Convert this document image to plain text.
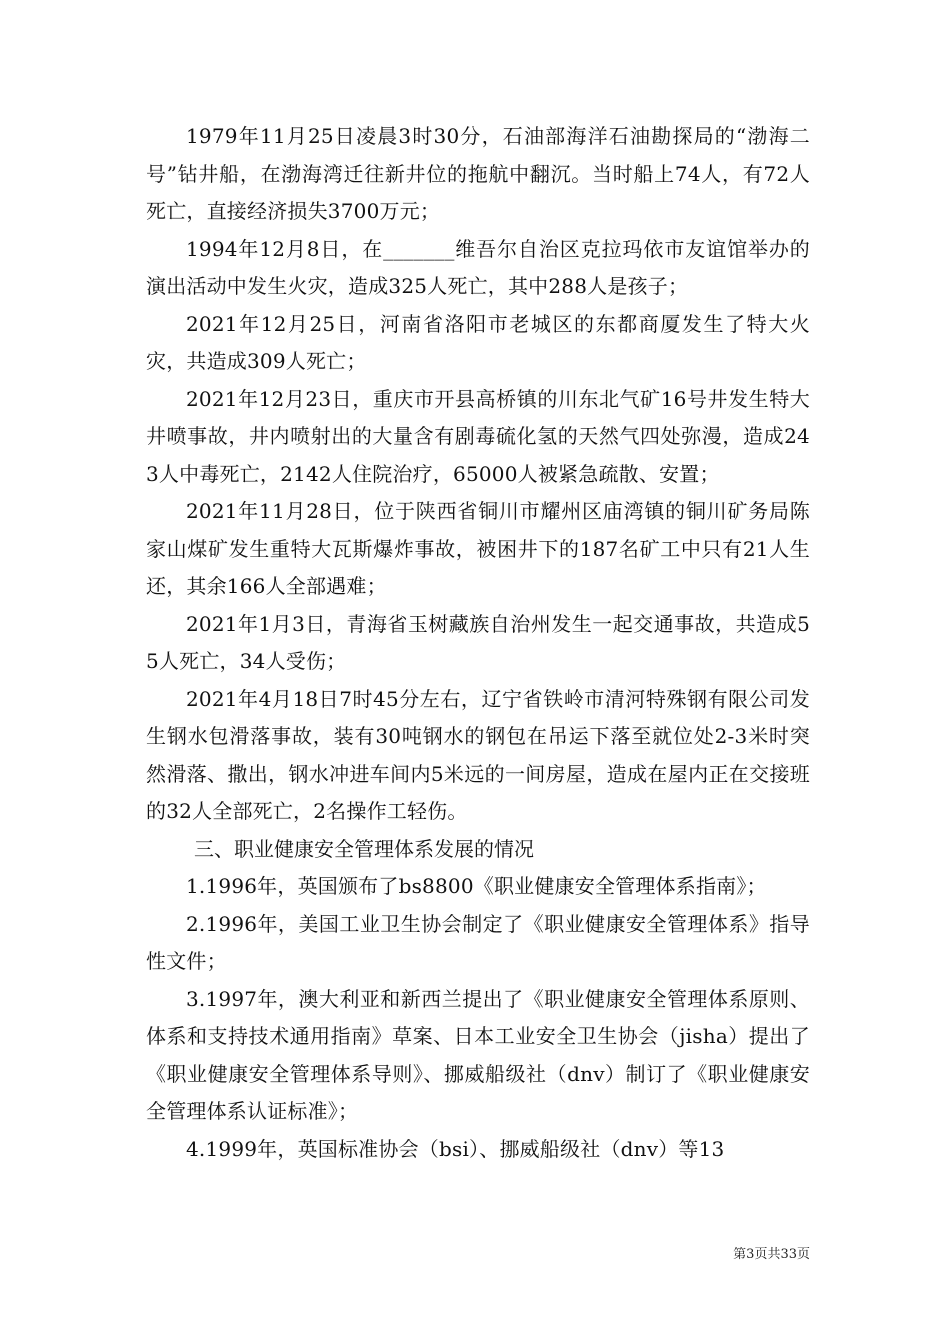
1979年11月25日凌晨3时30分，石油部海洋石油勘探局的“渤海二号”钻井船，在渤海湾迁往新井位的拖航中翻沉。当时船上74人，有72人死亡，直接经济损失3700万元；

1994年12月8日，在_______维吾尔自治区克拉玛依市友谊馆举办的演出活动中发生火灾，造成325人死亡，其中288人是孩子；

2021年12月25日，河南省洛阳市老城区的东都商厦发生了特大火灾，共造成309人死亡；

2021年12月23日，重庆市开县高桥镇的川东北气矿16号井发生特大井喷事故，井内喷射出的大量含有剧毒硫化氢的天然气四处弥漫，造成243人中毒死亡，2142人住院治疗，65000人被紧急疏散、安置；

2021年11月28日，位于陕西省铜川市耀州区庙湾镇的铜川矿务局陈家山煤矿发生重特大瓦斯爆炸事故，被困井下的187名矿工中只有21人生还，其余166人全部遇难；

2021年1月3日，青海省玉树藏族自治州发生一起交通事故，共造成55人死亡，34人受伤；

2021年4月18日7时45分左右，辽宁省铁岭市清河特殊钢有限公司发生钢水包滑落事故，装有30吨钢水的钢包在吊运下落至就位处2-3米时突然滑落、撒出，钢水冲进车间内5米远的一间房屋，造成在屋内正在交接班的32人全部死亡，2名操作工轻伤。

三、职业健康安全管理体系发展的情况

1.1996年，英国颁布了bs8800《职业健康安全管理体系指南》；

2.1996年，美国工业卫生协会制定了《职业健康安全管理体系》指导性文件；

3.1997年，澳大利亚和新西兰提出了《职业健康安全管理体系原则、体系和支持技术通用指南》草案、日本工业安全卫生协会（jisha）提出了《职业健康安全管理体系导则》、挪威船级社（dnv）制订了《职业健康安全管理体系认证标准》；

4.1999年，英国标准协会（bsi）、挪威船级社（dnv）等13

第3页共33页
